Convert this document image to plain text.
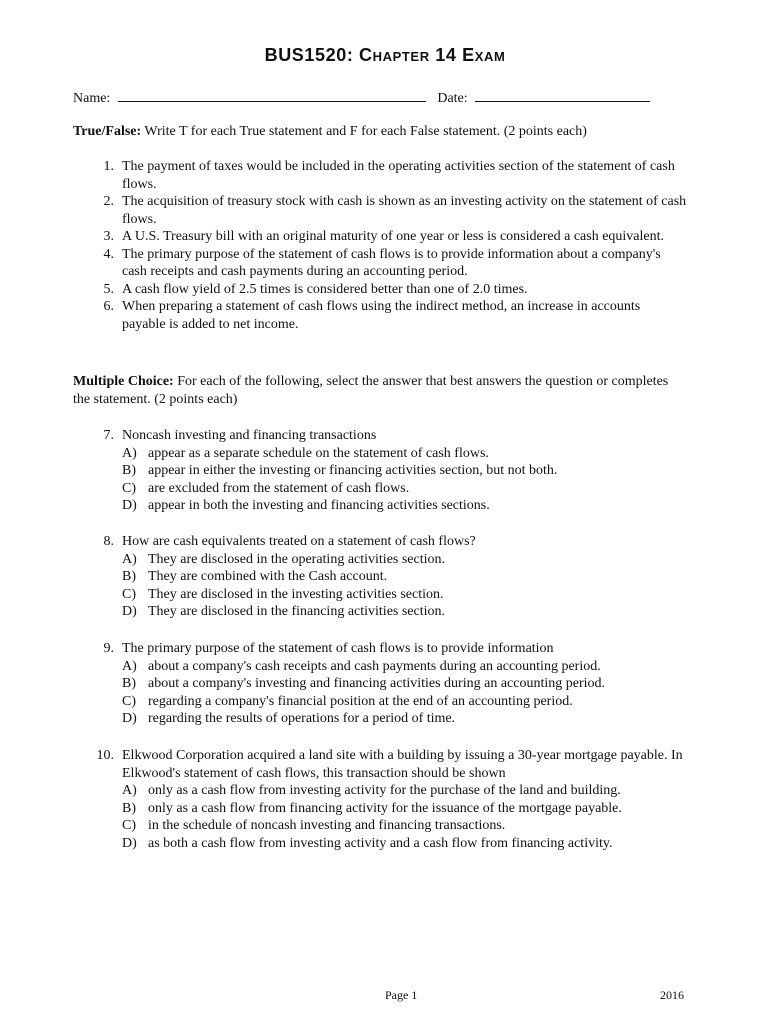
BUS1520: Chapter 14 Exam
Name:	Date:
True/False: Write T for each True statement and F for each False statement. (2 points each)
1. The payment of taxes would be included in the operating activities section of the statement of cash flows.
2. The acquisition of treasury stock with cash is shown as an investing activity on the statement of cash flows.
3. A U.S. Treasury bill with an original maturity of one year or less is considered a cash equivalent.
4. The primary purpose of the statement of cash flows is to provide information about a company's cash receipts and cash payments during an accounting period.
5. A cash flow yield of 2.5 times is considered better than one of 2.0 times.
6. When preparing a statement of cash flows using the indirect method, an increase in accounts payable is added to net income.
Multiple Choice: For each of the following, select the answer that best answers the question or completes the statement. (2 points each)
7. Noncash investing and financing transactions
A) appear as a separate schedule on the statement of cash flows.
B) appear in either the investing or financing activities section, but not both.
C) are excluded from the statement of cash flows.
D) appear in both the investing and financing activities sections.
8. How are cash equivalents treated on a statement of cash flows?
A) They are disclosed in the operating activities section.
B) They are combined with the Cash account.
C) They are disclosed in the investing activities section.
D) They are disclosed in the financing activities section.
9. The primary purpose of the statement of cash flows is to provide information
A) about a company's cash receipts and cash payments during an accounting period.
B) about a company's investing and financing activities during an accounting period.
C) regarding a company's financial position at the end of an accounting period.
D) regarding the results of operations for a period of time.
10. Elkwood Corporation acquired a land site with a building by issuing a 30-year mortgage payable. In Elkwood's statement of cash flows, this transaction should be shown
A) only as a cash flow from investing activity for the purchase of the land and building.
B) only as a cash flow from financing activity for the issuance of the mortgage payable.
C) in the schedule of noncash investing and financing transactions.
D) as both a cash flow from investing activity and a cash flow from financing activity.
Page 1	2016
